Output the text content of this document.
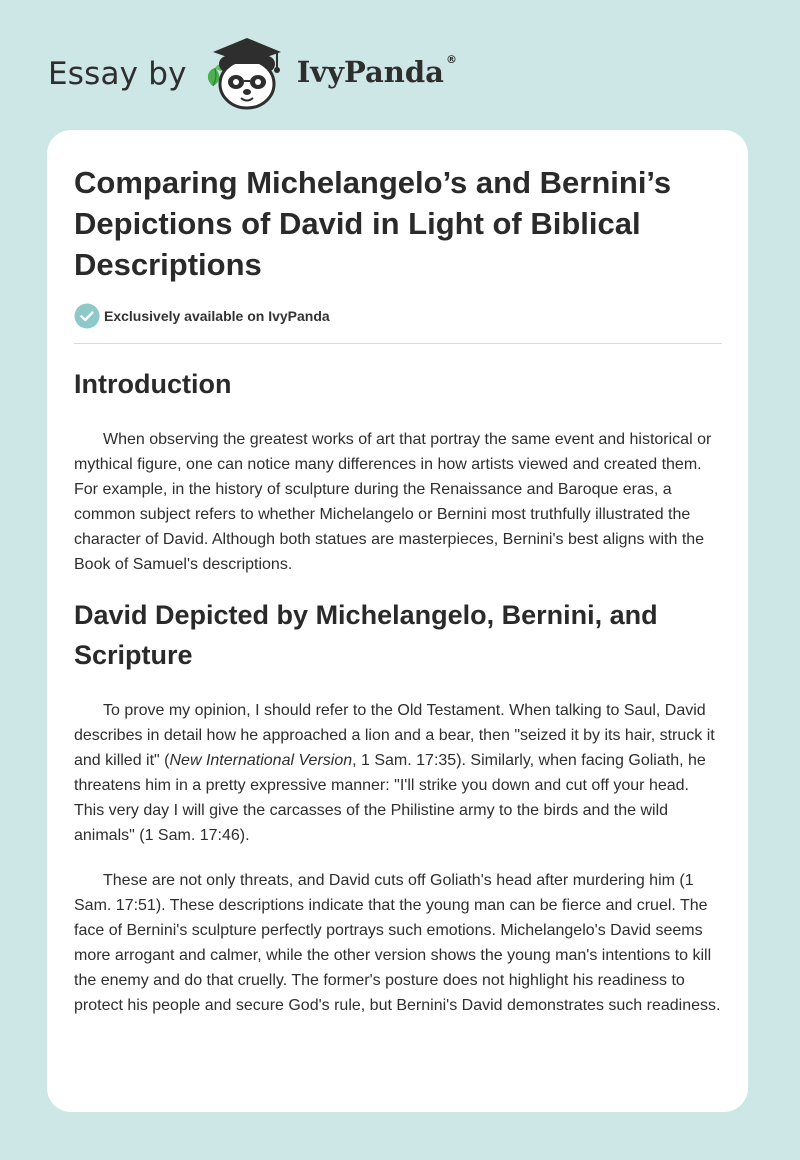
Essay by	IvyPanda ®
Comparing Michelangelo’s and Bernini’s Depictions of David in Light of Biblical Descriptions
Exclusively available on IvyPanda
Introduction

When observing the greatest works of art that portray the same event and historical or mythical figure, one can notice many differences in how artists viewed and created them. For example, in the history of sculpture during the Renaissance and Baroque eras, a common subject refers to whether Michelangelo or Bernini most truthfully illustrated the character of David. Although both statues are masterpieces, Bernini's best aligns with the Book of Samuel's descriptions.

David Depicted by Michelangelo, Bernini, and Scripture

To prove my opinion, I should refer to the Old Testament. When talking to Saul, David describes in detail how he approached a lion and a bear, then "seized it by its hair, struck it and killed it" (New International Version, 1 Sam. 17:35). Similarly, when facing Goliath, he threatens him in a pretty expressive manner: "I'll strike you down and cut off your head. This very day I will give the carcasses of the Philistine army to the birds and the wild animals" (1 Sam. 17:46).

These are not only threats, and David cuts off Goliath's head after murdering him (1 Sam. 17:51). These descriptions indicate that the young man can be fierce and cruel. The face of Bernini's sculpture perfectly portrays such emotions. Michelangelo's David seems more arrogant and calmer, while the other version shows the young man's intentions to kill the enemy and do that cruelly. The former's posture does not highlight his readiness to protect his people and secure God's rule, but Bernini's David demonstrates such readiness.
